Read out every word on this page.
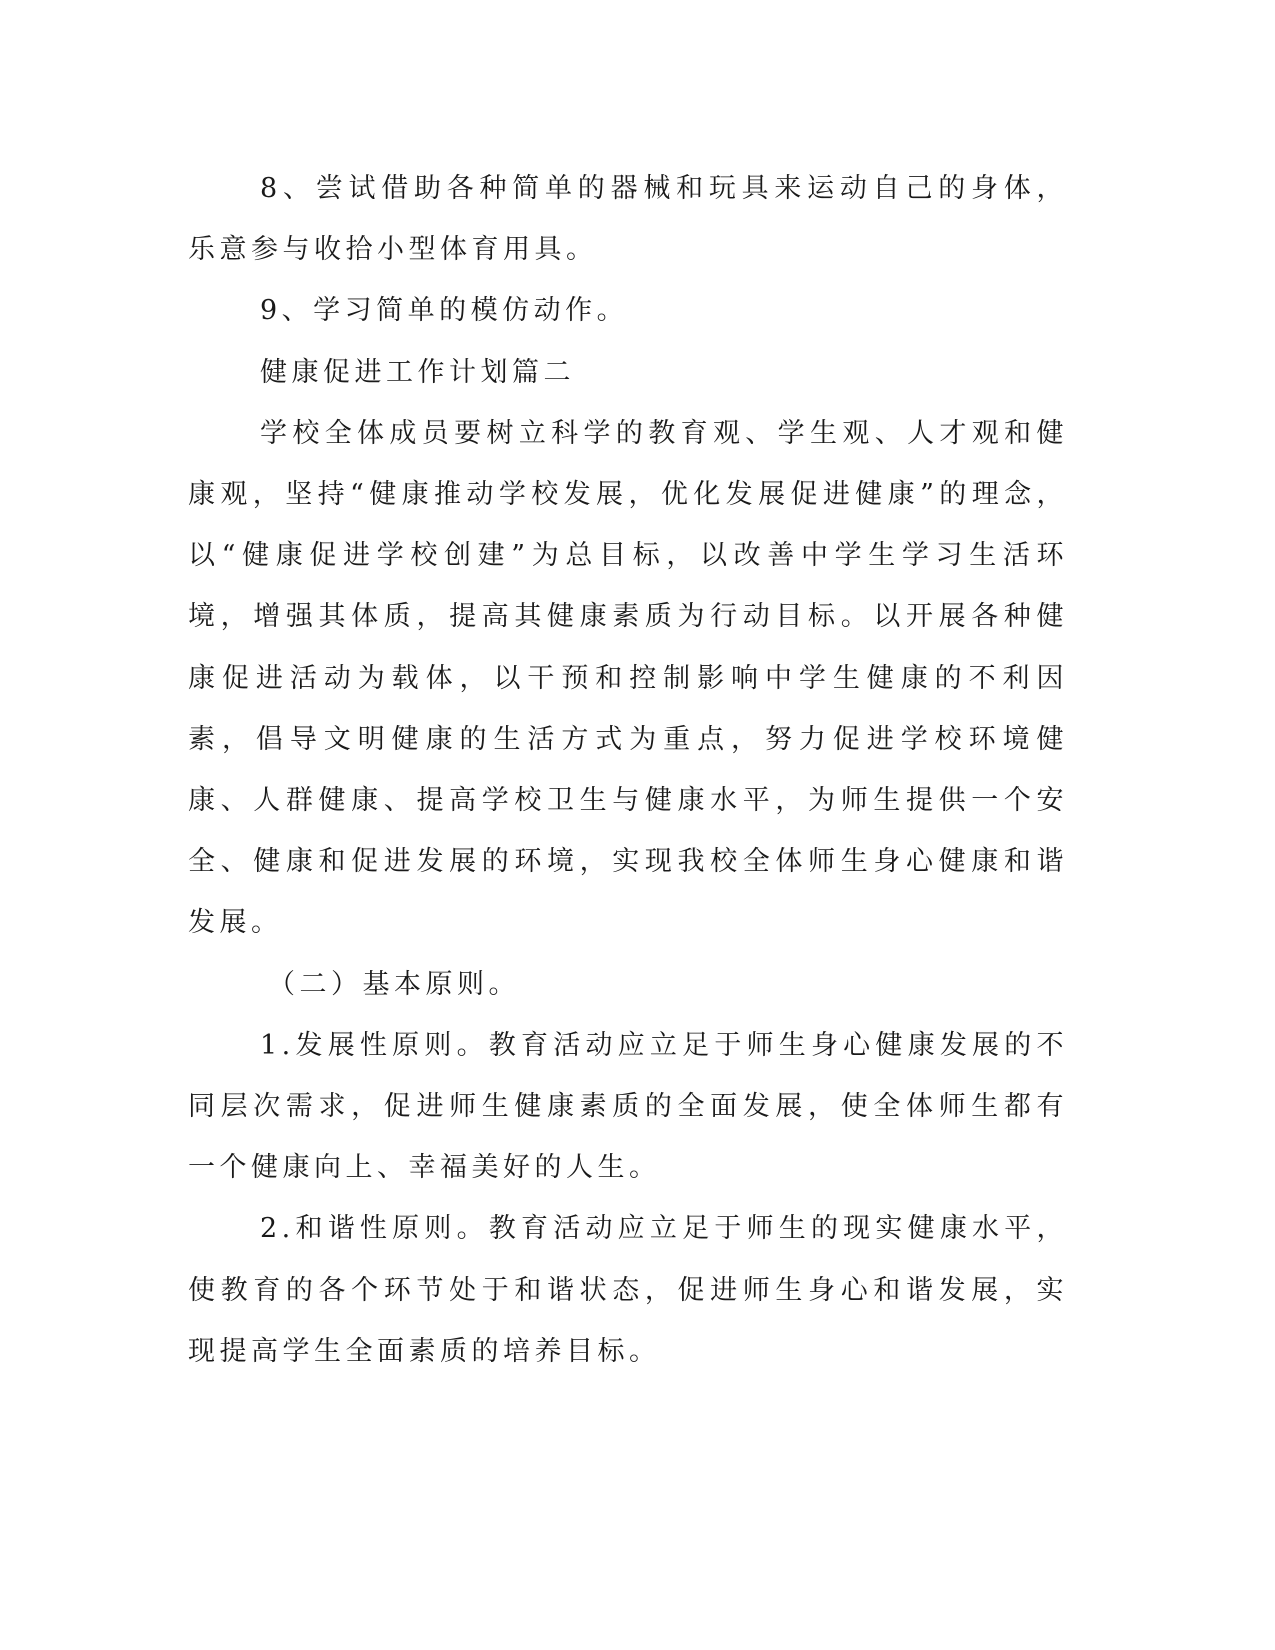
8、尝试借助各种简单的器械和玩具来运动自己的身体，乐意参与收拾小型体育用具。

9、学习简单的模仿动作。

健康促进工作计划篇二

学校全体成员要树立科学的教育观、学生观、人才观和健康观，坚持“健康推动学校发展，优化发展促进健康”的理念，以“健康促进学校创建”为总目标，以改善中学生学习生活环境，增强其体质，提高其健康素质为行动目标。以开展各种健康促进活动为载体，以干预和控制影响中学生健康的不利因素，倡导文明健康的生活方式为重点，努力促进学校环境健康、人群健康、提高学校卫生与健康水平，为师生提供一个安全、健康和促进发展的环境，实现我校全体师生身心健康和谐发展。

（二）基本原则。

1.发展性原则。教育活动应立足于师生身心健康发展的不同层次需求，促进师生健康素质的全面发展，使全体师生都有一个健康向上、幸福美好的人生。

2.和谐性原则。教育活动应立足于师生的现实健康水平，使教育的各个环节处于和谐状态，促进师生身心和谐发展，实现提高学生全面素质的培养目标。
